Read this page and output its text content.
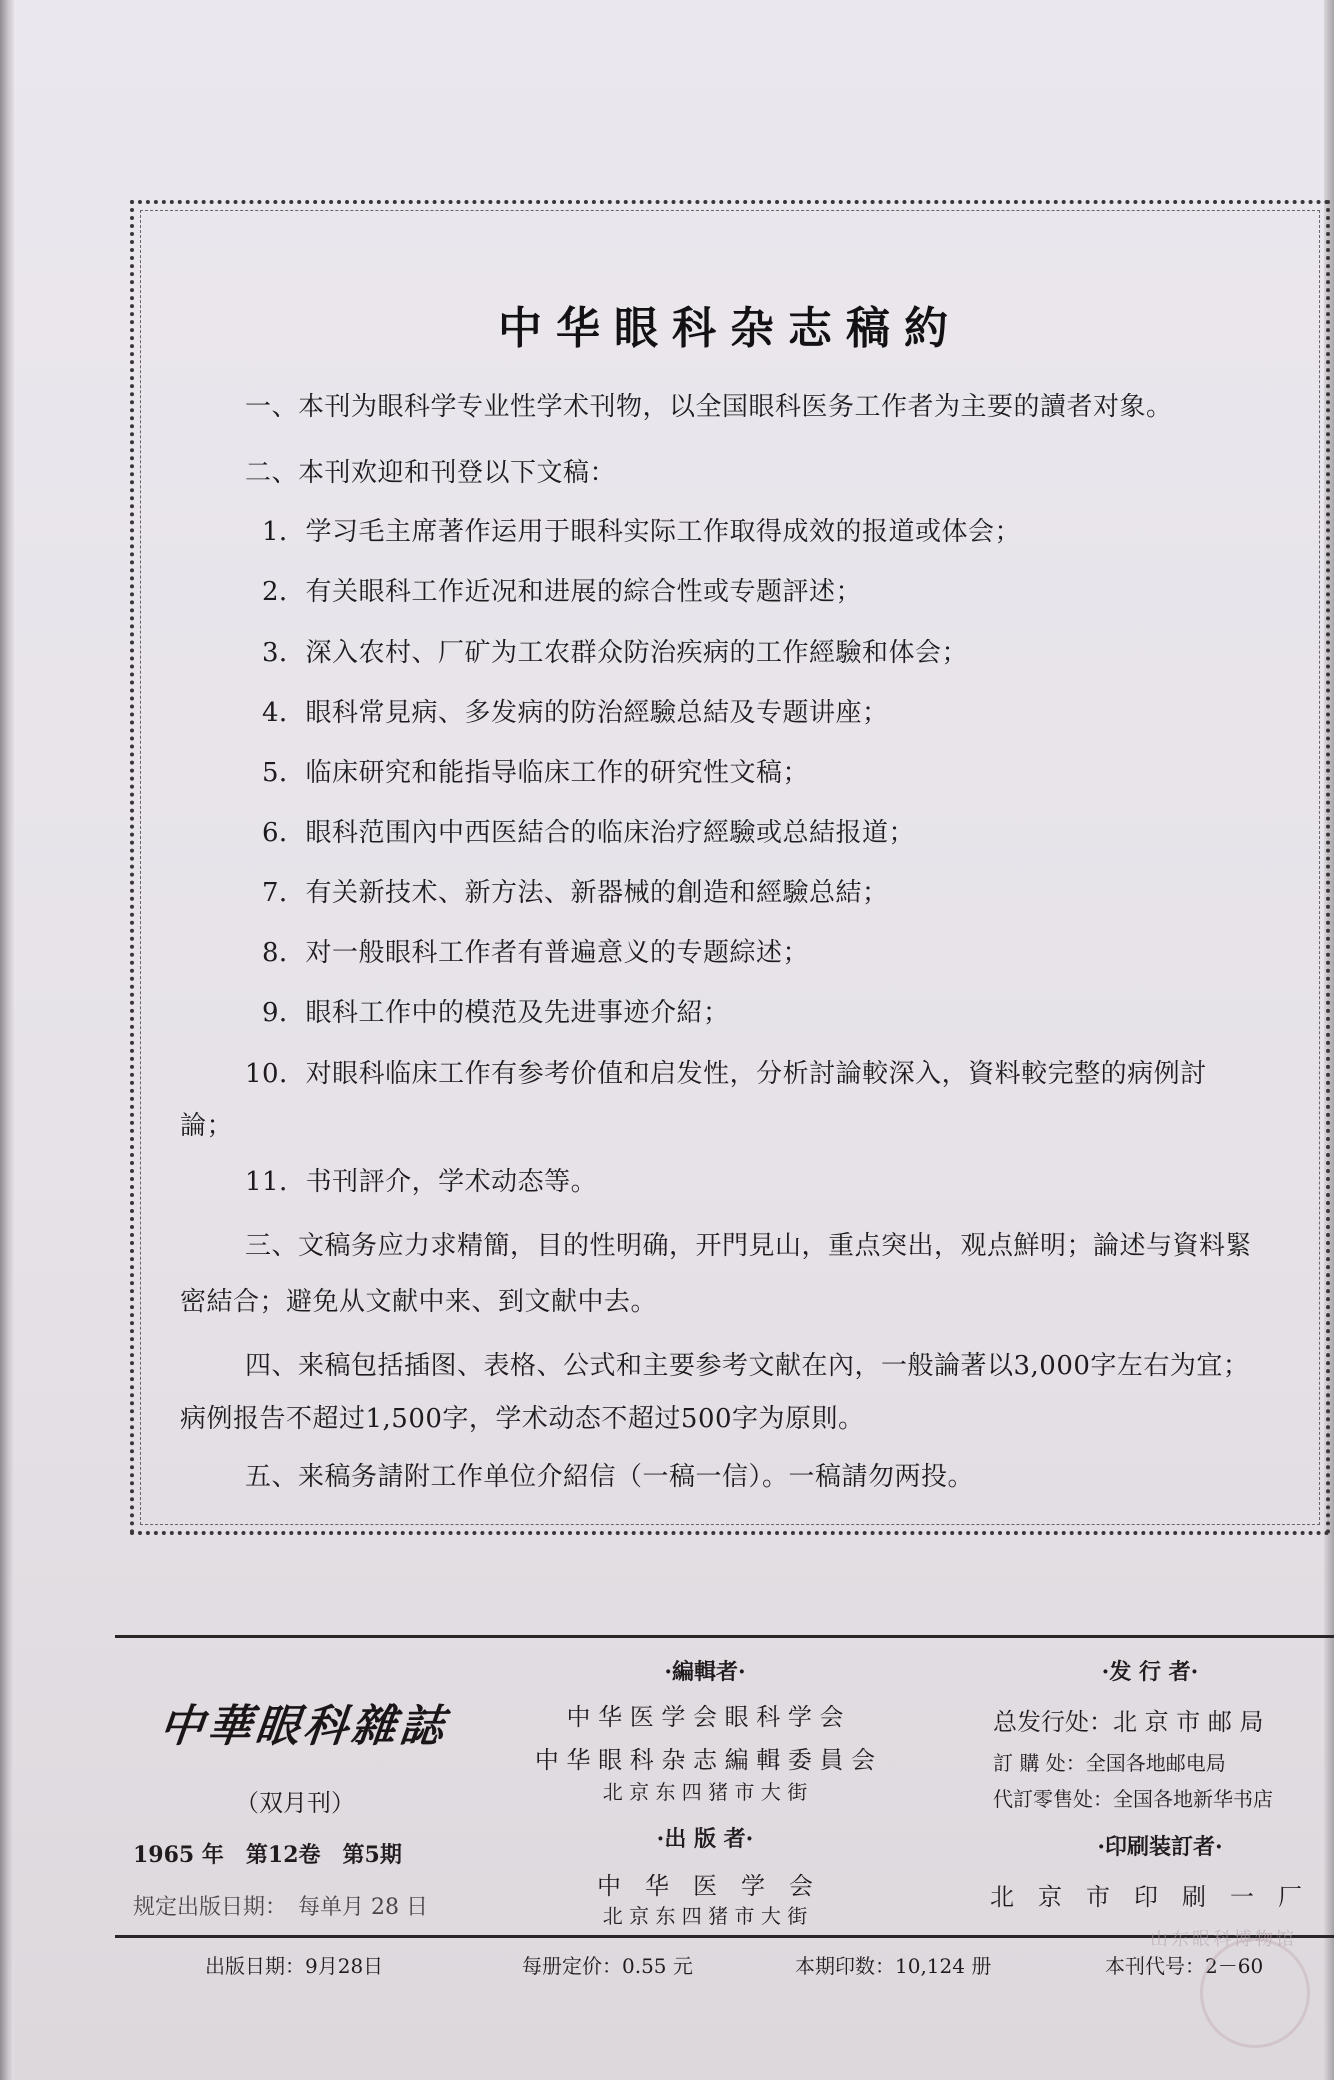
中华眼科杂志稿約
一、本刊为眼科学专业性学术刊物，以全国眼科医务工作者为主要的讀者对象。
二、本刊欢迎和刊登以下文稿：
1．学习毛主席著作运用于眼科实际工作取得成效的报道或体会；
2．有关眼科工作近况和进展的綜合性或专题評述；
3．深入农村、厂矿为工农群众防治疾病的工作經驗和体会；
4．眼科常見病、多发病的防治經驗总結及专题讲座；
5．临床研究和能指导临床工作的研究性文稿；
6．眼科范围內中西医結合的临床治疗經驗或总結报道；
7．有关新技术、新方法、新器械的創造和經驗总結；
8．对一般眼科工作者有普遍意义的专题綜述；
9．眼科工作中的模范及先进事迹介紹；
10．对眼科临床工作有参考价值和启发性，分析討論較深入，資料較完整的病例討
論；
11．书刊評介，学术动态等。
三、文稿务应力求精簡，目的性明确，开門見山，重点突出，观点鮮明；論述与資料緊
密結合；避免从文献中来、到文献中去。
四、来稿包括插图、表格、公式和主要参考文献在內，一般論著以3,000字左右为宜；
病例报告不超过1,500字，学术动态不超过500字为原則。
五、来稿务請附工作单位介紹信（一稿一信）。一稿請勿两投。
中華眼科雜誌
（双月刊）
1965 年　第12卷　第5期
规定出版日期：　每单月 28 日
·編輯者·
中 华 医 学 会 眼 科 学 会
中 华 眼 科 杂 志 編 輯 委 員 会
北 京 东 四 猪 市 大 街
·出 版 者·
中　华　医　学　会
北 京 东 四 猪 市 大 街
·发 行 者·
总发行处：北 京 市 邮 局
訂 購 处：全国各地邮电局
代訂零售处：全国各地新华书店
·印刷装訂者·
北　京　市　印　刷　一　厂
出版日期：9月28日	每册定价：0.55 元	本期印数：10,124 册	本刊代号：2－60
山东眼科博物馆
